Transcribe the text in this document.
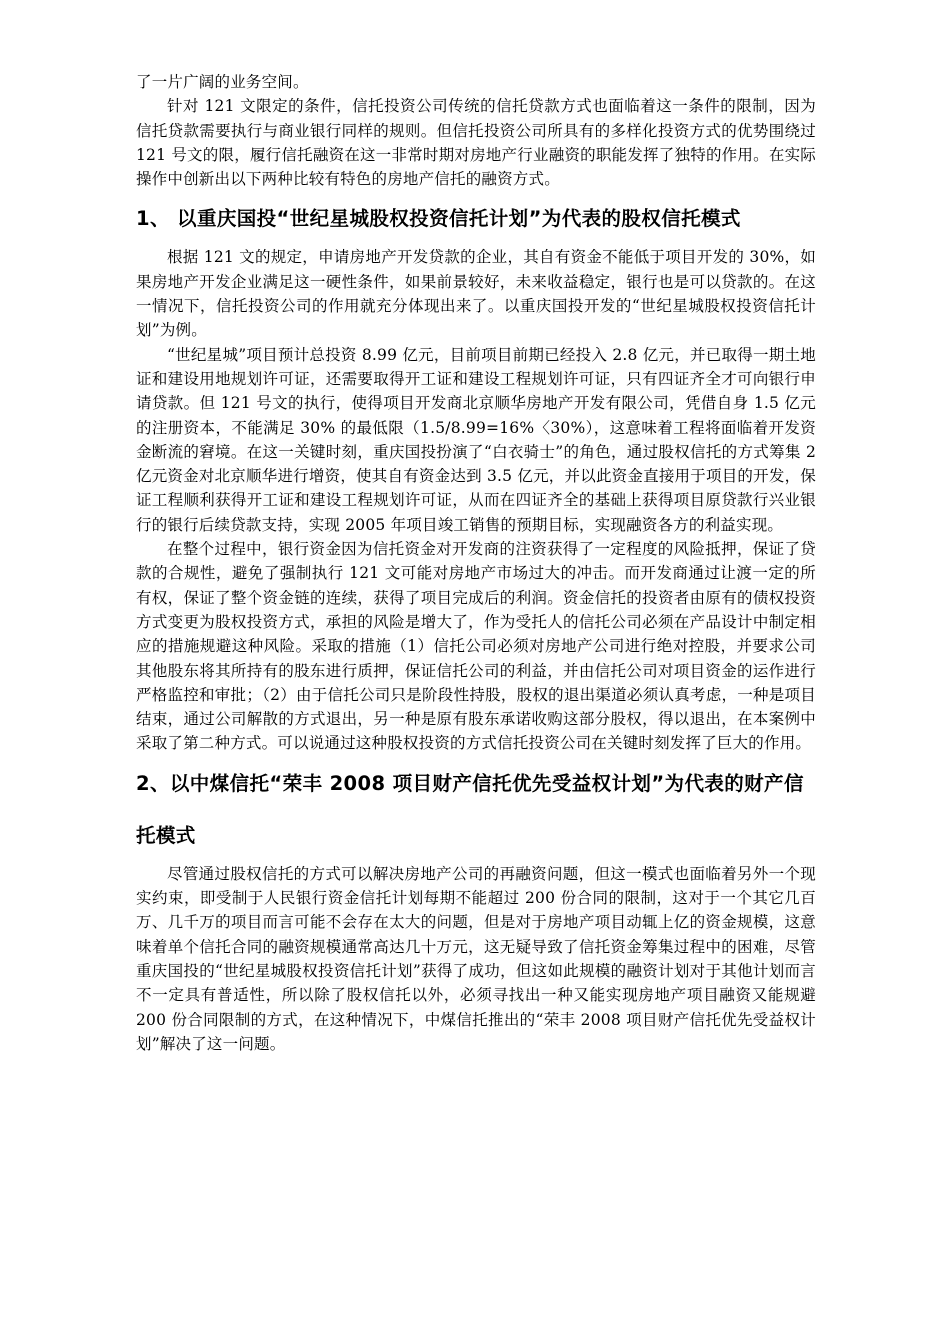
了一片广阔的业务空间。

针对 121 文限定的条件，信托投资公司传统的信托贷款方式也面临着这一条件的限制，因为信托贷款需要执行与商业银行同样的规则。但信托投资公司所具有的多样化投资方式的优势围绕过 121 号文的限，履行信托融资在这一非常时期对房地产行业融资的职能发挥了独特的作用。在实际操作中创新出以下两种比较有特色的房地产信托的融资方式。

1、 以重庆国投“世纪星城股权投资信托计划”为代表的股权信托模式

根据 121 文的规定，申请房地产开发贷款的企业，其自有资金不能低于项目开发的 30%，如果房地产开发企业满足这一硬性条件，如果前景较好，未来收益稳定，银行也是可以贷款的。在这一情况下，信托投资公司的作用就充分体现出来了。以重庆国投开发的“世纪星城股权投资信托计划”为例。

“世纪星城”项目预计总投资 8.99 亿元，目前项目前期已经投入 2.8 亿元，并已取得一期土地证和建设用地规划许可证，还需要取得开工证和建设工程规划许可证，只有四证齐全才可向银行申请贷款。但 121 号文的执行，使得项目开发商北京顺华房地产开发有限公司，凭借自身 1.5 亿元的注册资本，不能满足 30% 的最低限（1.5/8.99=16%〈30%），这意味着工程将面临着开发资金断流的窘境。在这一关键时刻，重庆国投扮演了“白衣骑士”的角色，通过股权信托的方式筹集 2 亿元资金对北京顺华进行增资，使其自有资金达到 3.5 亿元，并以此资金直接用于项目的开发，保证工程顺利获得开工证和建设工程规划许可证，从而在四证齐全的基础上获得项目原贷款行兴业银行的银行后续贷款支持，实现 2005 年项目竣工销售的预期目标，实现融资各方的利益实现。

在整个过程中，银行资金因为信托资金对开发商的注资获得了一定程度的风险抵押，保证了贷款的合规性，避免了强制执行 121 文可能对房地产市场过大的冲击。而开发商通过让渡一定的所有权，保证了整个资金链的连续，获得了项目完成后的利润。资金信托的投资者由原有的债权投资方式变更为股权投资方式，承担的风险是增大了，作为受托人的信托公司必须在产品设计中制定相应的措施规避这种风险。采取的措施（1）信托公司必须对房地产公司进行绝对控股，并要求公司其他股东将其所持有的股东进行质押，保证信托公司的利益，并由信托公司对项目资金的运作进行严格监控和审批；（2）由于信托公司只是阶段性持股，股权的退出渠道必须认真考虑，一种是项目结束，通过公司解散的方式退出，另一种是原有股东承诺收购这部分股权，得以退出，在本案例中采取了第二种方式。可以说通过这种股权投资的方式信托投资公司在关键时刻发挥了巨大的作用。

2、以中煤信托“荣丰 2008 项目财产信托优先受益权计划”为代表的财产信托模式

尽管通过股权信托的方式可以解决房地产公司的再融资问题，但这一模式也面临着另外一个现实约束，即受制于人民银行资金信托计划每期不能超过 200 份合同的限制，这对于一个其它几百万、几千万的项目而言可能不会存在太大的问题，但是对于房地产项目动辄上亿的资金规模，这意味着单个信托合同的融资规模通常高达几十万元，这无疑导致了信托资金筹集过程中的困难，尽管重庆国投的“世纪星城股权投资信托计划”获得了成功，但这如此规模的融资计划对于其他计划而言不一定具有普适性，所以除了股权信托以外，必须寻找出一种又能实现房地产项目融资又能规避 200 份合同限制的方式，在这种情况下，中煤信托推出的“荣丰 2008 项目财产信托优先受益权计划”解决了这一问题。
